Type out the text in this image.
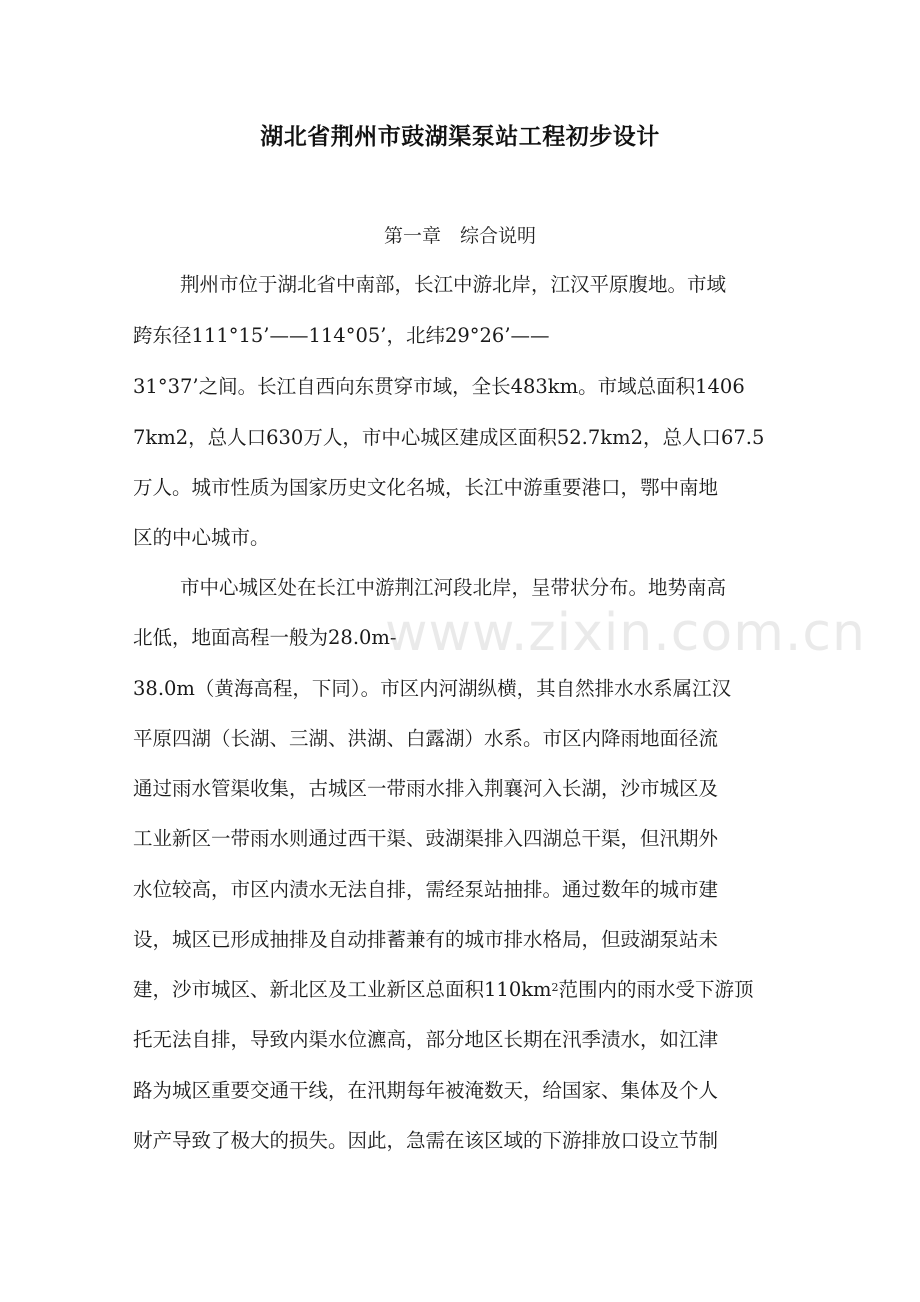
湖北省荆州市豉湖渠泵站工程初步设计
第一章　综合说明
荆州市位于湖北省中南部，长江中游北岸，江汉平原腹地。市域
跨东径111°15’——114°05’，北纬29°26’——
31°37’之间。长江自西向东贯穿市域，全长483km。市域总面积1406
7km2，总人口630万人，市中心城区建成区面积52.7km2，总人口67.5
万人。城市性质为国家历史文化名城，长江中游重要港口，鄂中南地
区的中心城市。
市中心城区处在长江中游荆江河段北岸，呈带状分布。地势南高
北低，地面高程一般为28.0m-
38.0m（黄海高程，下同）。市区内河湖纵横，其自然排水水系属江汉
平原四湖（长湖、三湖、洪湖、白露湖）水系。市区内降雨地面径流
通过雨水管渠收集，古城区一带雨水排入荆襄河入长湖，沙市城区及
工业新区一带雨水则通过西干渠、豉湖渠排入四湖总干渠，但汛期外
水位较高，市区内渍水无法自排，需经泵站抽排。通过数年的城市建
设，城区已形成抽排及自动排蓄兼有的城市排水格局，但豉湖泵站未
建，沙市城区、新北区及工业新区总面积$110km^2$范围内的雨水受下游顶
托无法自排，导致内渠水位瀌高，部分地区长期在汛季渍水，如江津
路为城区重要交通干线，在汛期每年被淹数天，给国家、集体及个人
财产导致了极大的损失。因此，急需在该区域的下游排放口设立节制
www.zixin.com.cn
